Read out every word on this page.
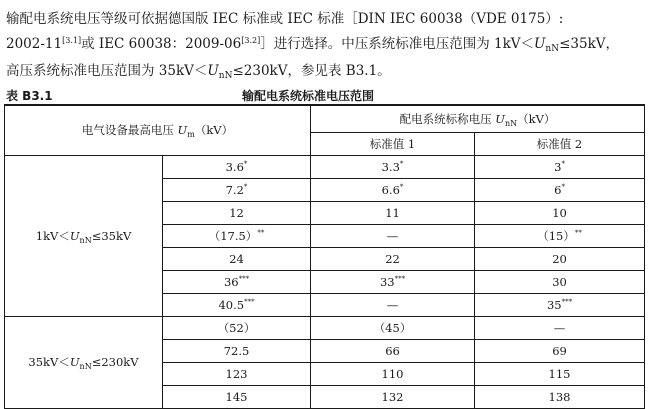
输配电系统电压等级可依据德国版 IEC 标准或 IEC 标准［DIN IEC 60038（VDE 0175）:
2002-11[3.1]或 IEC 60038：2009-06[3.2]］进行选择。中压系统标准电压范围为 $1kV<U_{nN}\le 35kV$，
高压系统标准电压范围为 $35kV<U_{nN}\le 230kV$，参见表 B3.1。
表 B3.1	输配电系统标准电压范围
电气设备最高电压 $U_m(kV)$		配电系统标称电压 $U_{nN}(kV)$	
		标准值 1	标准值 2
$1kV<U_{nN}\le 35kV$	3.6*	3.3*	3*
	7.2*	6.6*	6*
	12	11	10
	（17.5）**	—	（15）**
	24	22	20
	36***	33***	30
	40.5***	—	35***
$35kV<U_{nN}\le 230kV$	（52）	（45）	—
	72.5	66	69
	123	110	115
	145	132	138
